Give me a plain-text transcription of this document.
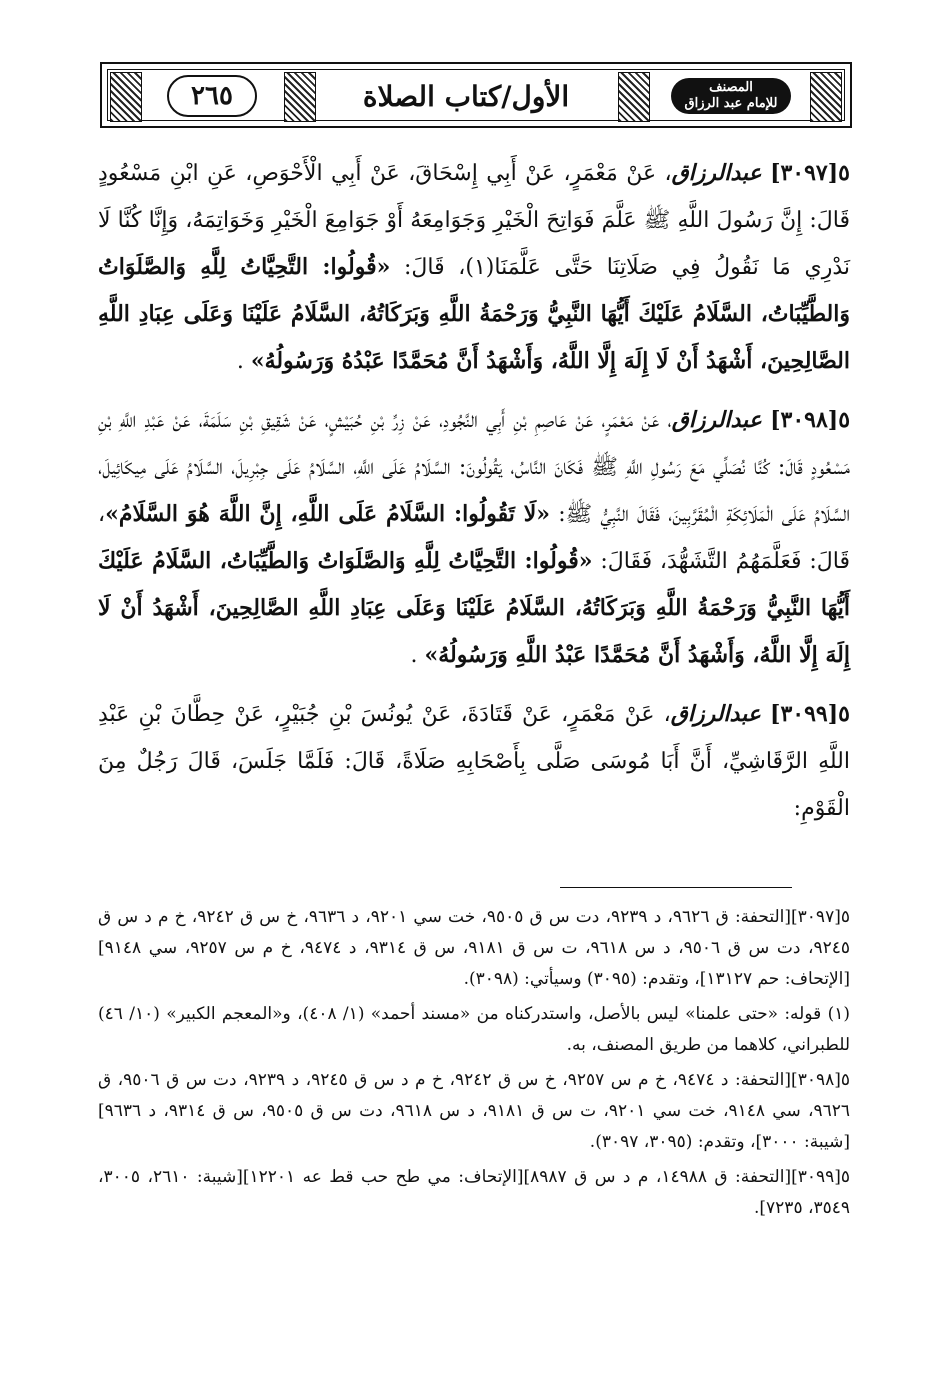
٢٦٥	الأول/كتاب الصلاة	المصنف
للإمام عبد الرزاق

٥[٣٠٩٧] عبدالرزاق، عَنْ مَعْمَرٍ، عَنْ أَبِي إِسْحَاقَ، عَنْ أَبِي الْأَحْوَصِ، عَنِ ابْنِ مَسْعُودٍ قَالَ: إِنَّ رَسُولَ اللَّهِ ﷺ عَلَّمَ فَوَاتِحَ الْخَيْرِ وَجَوَامِعَهُ أَوْ جَوَامِعَ الْخَيْرِ وَخَوَاتِمَهُ، وَإِنَّا كُنَّا لَا نَدْرِي مَا نَقُولُ فِي صَلَاتِنَا حَتَّى عَلَّمَنَا(١)، قَالَ: «قُولُوا: التَّحِيَّاتُ لِلَّهِ وَالصَّلَوَاتُ وَالطَّيِّبَاتُ، السَّلَامُ عَلَيْكَ أَيُّهَا النَّبِيُّ وَرَحْمَةُ اللَّهِ وَبَرَكَاتُهُ، السَّلَامُ عَلَيْنَا وَعَلَى عِبَادِ اللَّهِ الصَّالِحِينَ، أَشْهَدُ أَنْ لَا إِلَهَ إِلَّا اللَّهُ، وَأَشْهَدُ أَنَّ مُحَمَّدًا عَبْدُهُ وَرَسُولُهُ» .

٥[٣٠٩٨] عبدالرزاق، عَنْ مَعْمَرٍ، عَنْ عَاصِمِ بْنِ أَبِي النَّجُودِ، عَنْ زِرِّ بْنِ حُبَيْشٍ، عَنْ شَقِيقِ بْنِ سَلَمَةَ، عَنْ عَبْدِ اللَّهِ بْنِ مَسْعُودٍ قَالَ: كُنَّا نُصَلِّي مَعَ رَسُولِ اللَّهِ ﷺ فَكَانَ النَّاسُ، يَقُولُونَ: السَّلَامُ عَلَى اللَّهِ، السَّلَامُ عَلَى جِبْرِيلَ، السَّلَامُ عَلَى مِيكَائِيلَ، السَّلَامُ عَلَى الْمَلَائِكَةِ الْمُقَرَّبِينَ، فَقَالَ النَّبِيُّ ﷺ: «لَا تَقُولُوا: السَّلَامُ عَلَى اللَّهِ، إِنَّ اللَّهَ هُوَ السَّلَامُ»، قَالَ: فَعَلَّمَهُمُ التَّشَهُّدَ، فَقَالَ: «قُولُوا: التَّحِيَّاتُ لِلَّهِ وَالصَّلَوَاتُ وَالطَّيِّبَاتُ، السَّلَامُ عَلَيْكَ أَيُّهَا النَّبِيُّ وَرَحْمَةُ اللَّهِ وَبَرَكَاتُهُ، السَّلَامُ عَلَيْنَا وَعَلَى عِبَادِ اللَّهِ الصَّالِحِينَ، أَشْهَدُ أَنْ لَا إِلَهَ إِلَّا اللَّهُ، وَأَشْهَدُ أَنَّ مُحَمَّدًا عَبْدُ اللَّهِ وَرَسُولُهُ» .

٥[٣٠٩٩] عبدالرزاق، عَنْ مَعْمَرٍ، عَنْ قَتَادَةَ، عَنْ يُونُسَ بْنِ جُبَيْرٍ، عَنْ حِطَّانَ بْنِ عَبْدِ اللَّهِ الرَّقَاشِيِّ، أَنَّ أَبَا مُوسَى صَلَّى بِأَصْحَابِهِ صَلَاةً، قَالَ: فَلَمَّا جَلَسَ، قَالَ رَجُلٌ مِنَ الْقَوْمِ:

٥[٣٠٩٧][التحفة: ق ٩٦٢٦، د ٩٢٣٩، دت س ق ٩٥٠٥، خت سي ٩٢٠١، د ٩٦٣٦، خ س ق ٩٢٤٢، خ م د س ق ٩٢٤٥، دت س ق ٩٥٠٦، د س ٩٦١٨، ت س ق ٩١٨١، س ق ٩٣١٤، د ٩٤٧٤، خ م س ٩٢٥٧، سي ٩١٤٨][الإتحاف: حم ١٣١٢٧]، وتقدم: (٣٠٩٥) وسيأتي: (٣٠٩٨).

(١) قوله: «حتى علمنا» ليس بالأصل، واستدركناه من «مسند أحمد» (١/ ٤٠٨)، و«المعجم الكبير» (١٠/ ٤٦) للطبراني، كلاهما من طريق المصنف، به.

٥[٣٠٩٨][التحفة: د ٩٤٧٤، خ م س ٩٢٥٧، خ س ق ٩٢٤٢، خ م د س ق ٩٢٤٥، د ٩٢٣٩، دت س ق ٩٥٠٦، ق ٩٦٢٦، سي ٩١٤٨، خت سي ٩٢٠١، ت س ق ٩١٨١، د س ٩٦١٨، دت س ق ٩٥٠٥، س ق ٩٣١٤، د ٩٦٣٦][شيبة: ٣٠٠٠]، وتقدم: (٣٠٩٥، ٣٠٩٧).

٥[٣٠٩٩][التحفة: ق ١٤٩٨٨، م د س ق ٨٩٨٧][الإتحاف: مي طح حب قط عه ١٢٢٠١][شيبة: ٢٦١٠، ٣٠٠٥، ٣٥٤٩، ٧٢٣٥].
